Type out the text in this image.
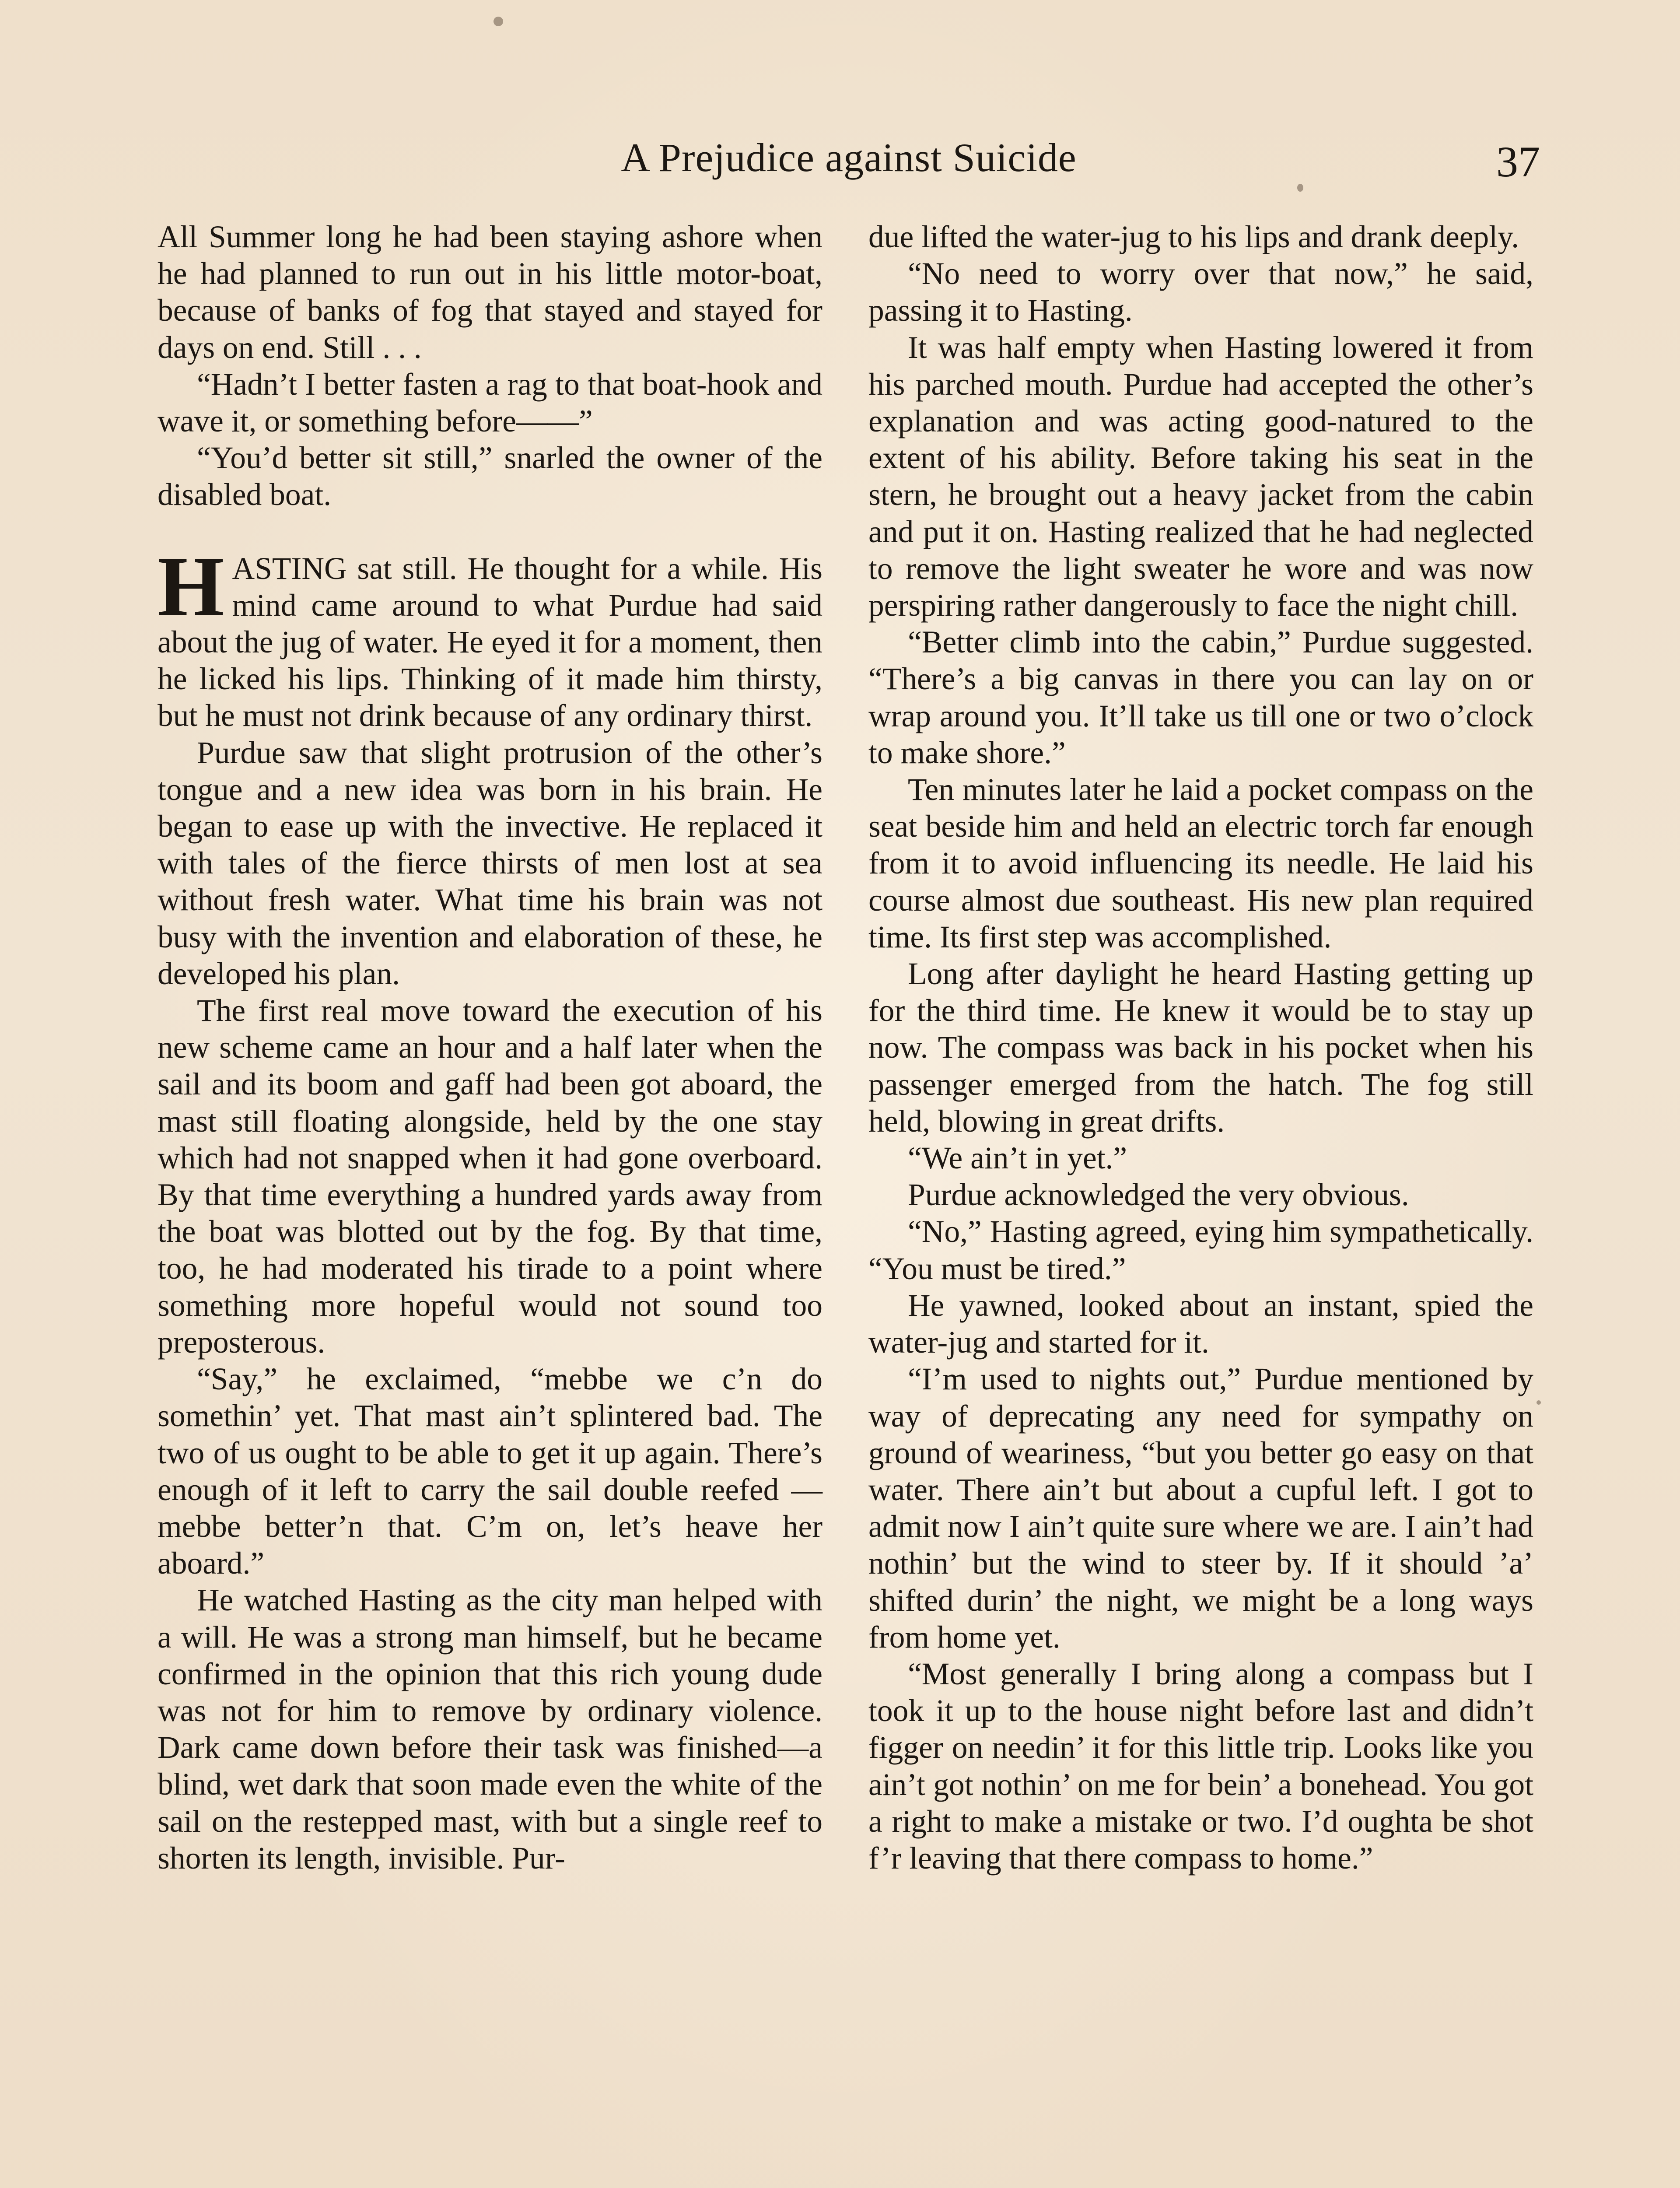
A Prejudice against Suicide	37

All Summer long he had been staying ashore when he had planned to run out in his little motor-boat, because of banks of fog that stayed and stayed for days on end. Still . . .

“Hadn’t I better fasten a rag to that boat-hook and wave it, or something before——”

“You’d better sit still,” snarled the owner of the disabled boat.

HASTING sat still. He thought for a while. His mind came around to what Purdue had said about the jug of water. He eyed it for a moment, then he licked his lips. Thinking of it made him thirsty, but he must not drink because of any ordinary thirst.

Purdue saw that slight protrusion of the other’s tongue and a new idea was born in his brain. He began to ease up with the invective. He replaced it with tales of the fierce thirsts of men lost at sea without fresh water. What time his brain was not busy with the invention and elaboration of these, he developed his plan.

The first real move toward the execution of his new scheme came an hour and a half later when the sail and its boom and gaff had been got aboard, the mast still floating alongside, held by the one stay which had not snapped when it had gone overboard. By that time everything a hundred yards away from the boat was blotted out by the fog. By that time, too, he had moderated his tirade to a point where something more hopeful would not sound too preposterous.

“Say,” he exclaimed, “mebbe we c’n do somethin’ yet. That mast ain’t splintered bad. The two of us ought to be able to get it up again. There’s enough of it left to carry the sail double reefed —mebbe better’n that. C’m on, let’s heave her aboard.”

He watched Hasting as the city man helped with a will. He was a strong man himself, but he became confirmed in the opinion that this rich young dude was not for him to remove by ordinary violence. Dark came down before their task was finished—a blind, wet dark that soon made even the white of the sail on the restepped mast, with but a single reef to shorten its length, invisible. Pur-

due lifted the water-jug to his lips and drank deeply.

“No need to worry over that now,” he said, passing it to Hasting.

It was half empty when Hasting lowered it from his parched mouth. Purdue had accepted the other’s explanation and was acting good-natured to the extent of his ability. Before taking his seat in the stern, he brought out a heavy jacket from the cabin and put it on. Hasting realized that he had neglected to remove the light sweater he wore and was now perspiring rather dangerously to face the night chill.

“Better climb into the cabin,” Purdue suggested. “There’s a big canvas in there you can lay on or wrap around you. It’ll take us till one or two o’clock to make shore.”

Ten minutes later he laid a pocket compass on the seat beside him and held an electric torch far enough from it to avoid influencing its needle. He laid his course almost due southeast. His new plan required time. Its first step was accomplished.

Long after daylight he heard Hasting getting up for the third time. He knew it would be to stay up now. The compass was back in his pocket when his passenger emerged from the hatch. The fog still held, blowing in great drifts.

“We ain’t in yet.”

Purdue acknowledged the very obvious.

“No,” Hasting agreed, eying him sympathetically. “You must be tired.”

He yawned, looked about an instant, spied the water-jug and started for it.

“I’m used to nights out,” Purdue mentioned by way of deprecating any need for sympathy on ground of weariness, “but you better go easy on that water. There ain’t but about a cupful left. I got to admit now I ain’t quite sure where we are. I ain’t had nothin’ but the wind to steer by. If it should ’a’ shifted durin’ the night, we might be a long ways from home yet.

“Most generally I bring along a compass but I took it up to the house night before last and didn’t figger on needin’ it for this little trip. Looks like you ain’t got nothin’ on me for bein’ a bonehead. You got a right to make a mistake or two. I’d oughta be shot f’r leaving that there compass to home.”
